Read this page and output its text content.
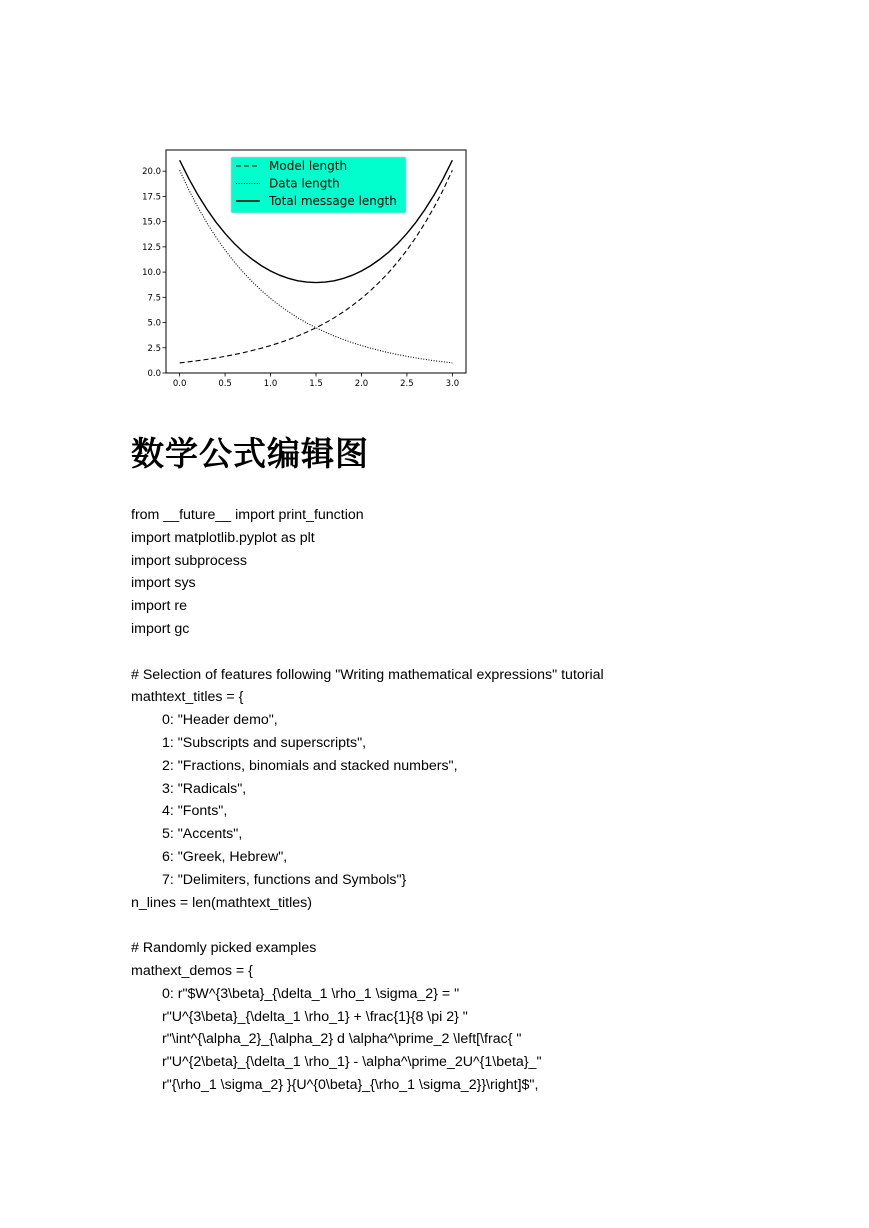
0.0	0.5	1.0	1.5	2.0	2.5	3.0
0.0
2.5
5.0
7.5
10.0
12.5
15.0
17.5
20.0	Model length
Data length
Total message length
数学公式编辑图
from __future__ import print_function
import matplotlib.pyplot as plt
import subprocess
import sys
import re
import gc
# Selection of features following "Writing mathematical expressions" tutorial
mathtext_titles = {
0: "Header demo",
1: "Subscripts and superscripts",
2: "Fractions, binomials and stacked numbers",
3: "Radicals",
4: "Fonts",
5: "Accents",
6: "Greek, Hebrew",
7: "Delimiters, functions and Symbols"}
n_lines = len(mathtext_titles)
# Randomly picked examples
mathext_demos = {
0: r"$W^{3\beta}_{\delta_1 \rho_1 \sigma_2} = "
r"U^{3\beta}_{\delta_1 \rho_1} + \frac{1}{8 \pi 2} "
r"\int^{\alpha_2}_{\alpha_2} d \alpha^\prime_2 \left[\frac{ "
r"U^{2\beta}_{\delta_1 \rho_1} - \alpha^\prime_2U^{1\beta}_"
r"{\rho_1 \sigma_2} }{U^{0\beta}_{\rho_1 \sigma_2}}\right]$",
